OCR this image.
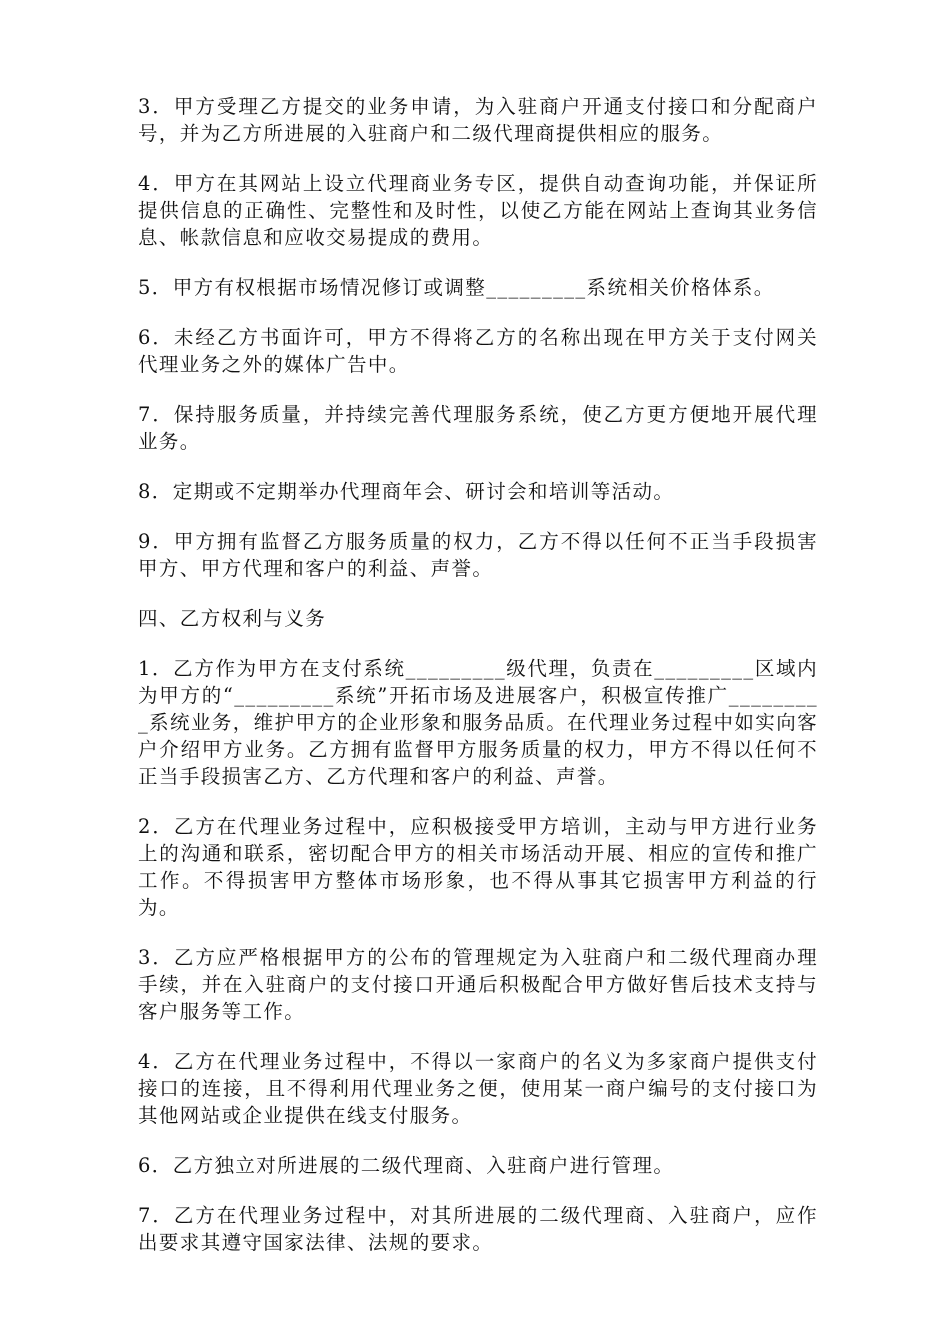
3．甲方受理乙方提交的业务申请，为入驻商户开通支付接口和分配商户号，并为乙方所进展的入驻商户和二级代理商提供相应的服务。

4．甲方在其网站上设立代理商业务专区，提供自动查询功能，并保证所提供信息的正确性、完整性和及时性，以使乙方能在网站上查询其业务信息、帐款信息和应收交易提成的费用。

5．甲方有权根据市场情况修订或调整_________系统相关价格体系。

6．未经乙方书面许可，甲方不得将乙方的名称出现在甲方关于支付网关代理业务之外的媒体广告中。

7．保持服务质量，并持续完善代理服务系统，使乙方更方便地开展代理业务。

8．定期或不定期举办代理商年会、研讨会和培训等活动。

9．甲方拥有监督乙方服务质量的权力，乙方不得以任何不正当手段损害甲方、甲方代理和客户的利益、声誉。

四、乙方权利与义务

1．乙方作为甲方在支付系统_________级代理，负责在_________区域内为甲方的“_________系统”开拓市场及进展客户，积极宣传推广_________系统业务，维护甲方的企业形象和服务品质。在代理业务过程中如实向客户介绍甲方业务。乙方拥有监督甲方服务质量的权力，甲方不得以任何不正当手段损害乙方、乙方代理和客户的利益、声誉。

2．乙方在代理业务过程中，应积极接受甲方培训，主动与甲方进行业务上的沟通和联系，密切配合甲方的相关市场活动开展、相应的宣传和推广工作。不得损害甲方整体市场形象，也不得从事其它损害甲方利益的行为。

3．乙方应严格根据甲方的公布的管理规定为入驻商户和二级代理商办理手续，并在入驻商户的支付接口开通后积极配合甲方做好售后技术支持与客户服务等工作。

4．乙方在代理业务过程中，不得以一家商户的名义为多家商户提供支付接口的连接，且不得利用代理业务之便，使用某一商户编号的支付接口为其他网站或企业提供在线支付服务。

6．乙方独立对所进展的二级代理商、入驻商户进行管理。

7．乙方在代理业务过程中，对其所进展的二级代理商、入驻商户，应作出要求其遵守国家法律、法规的要求。
